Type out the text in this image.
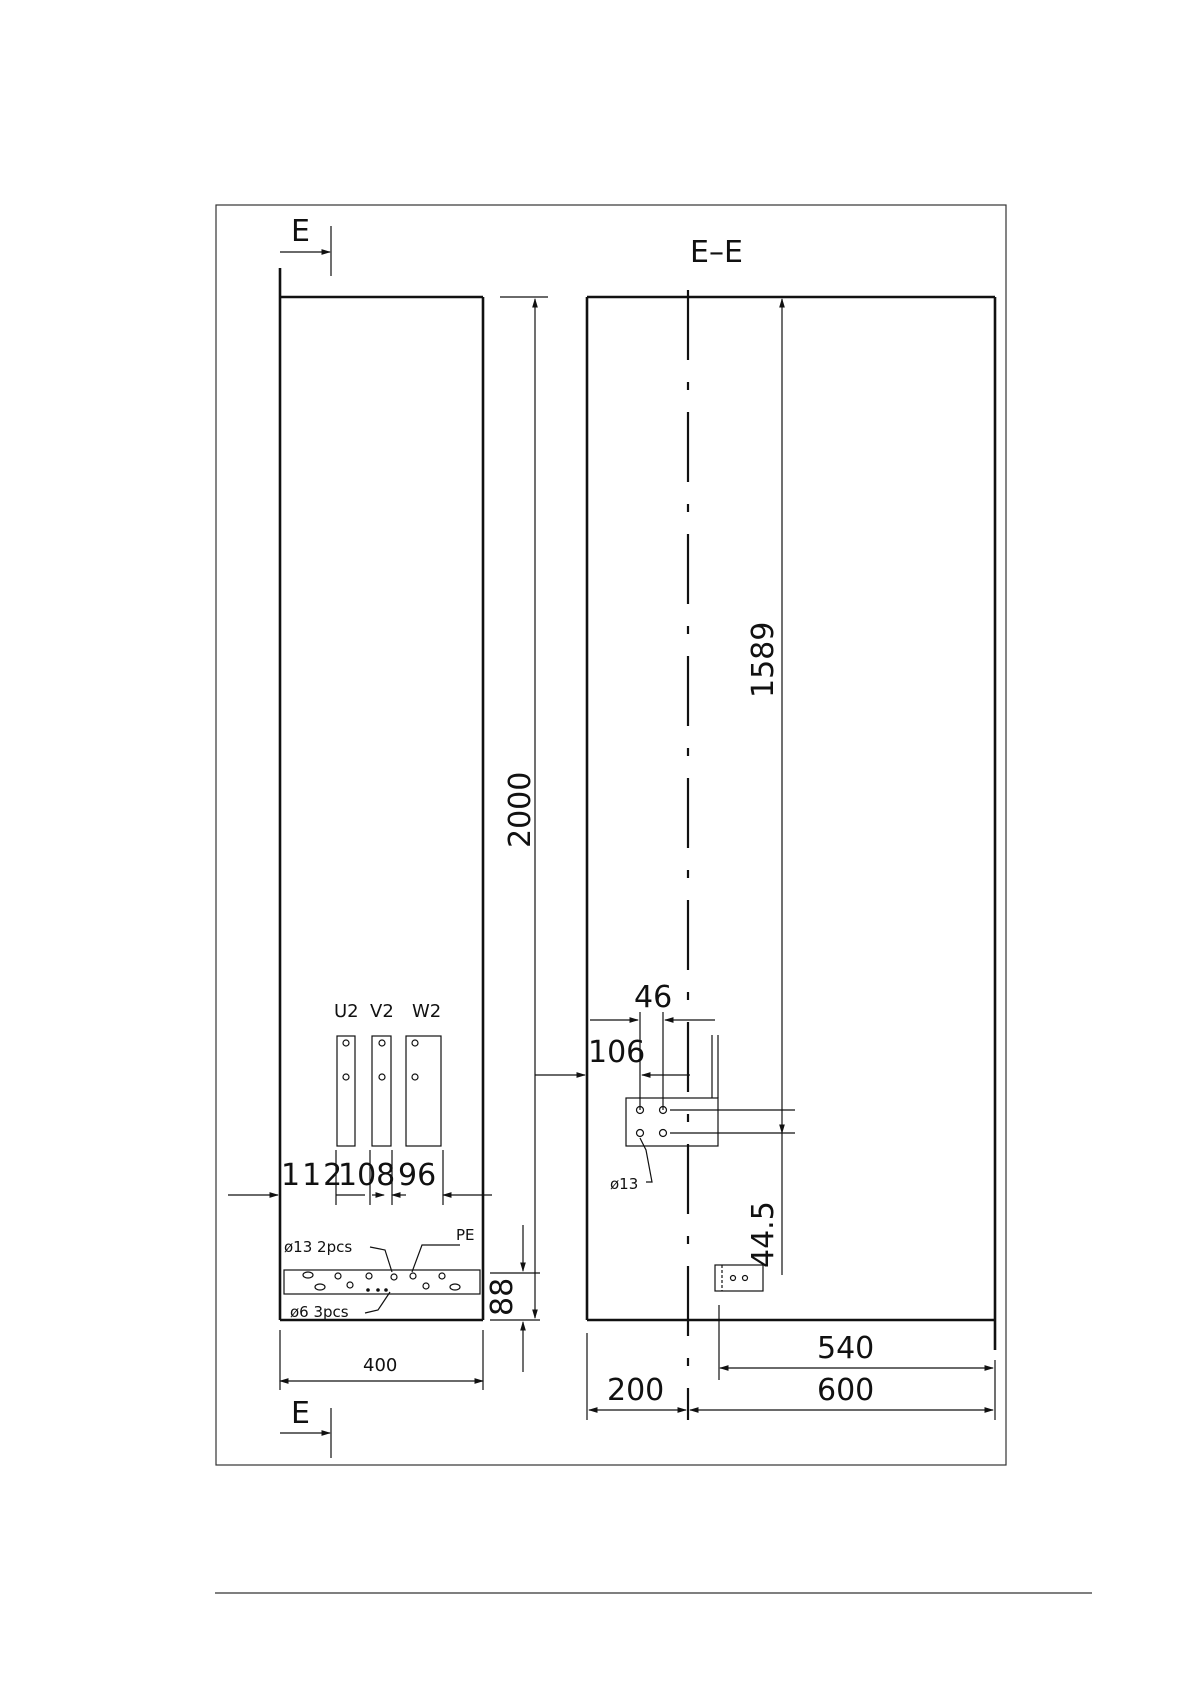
U2 V2 W2
ø13 2pcs
ø6 3pcs
PE
112
108 96
400
2000
88
E
E
E–E
1589
44.5
46
106
ø13
540
600
200
